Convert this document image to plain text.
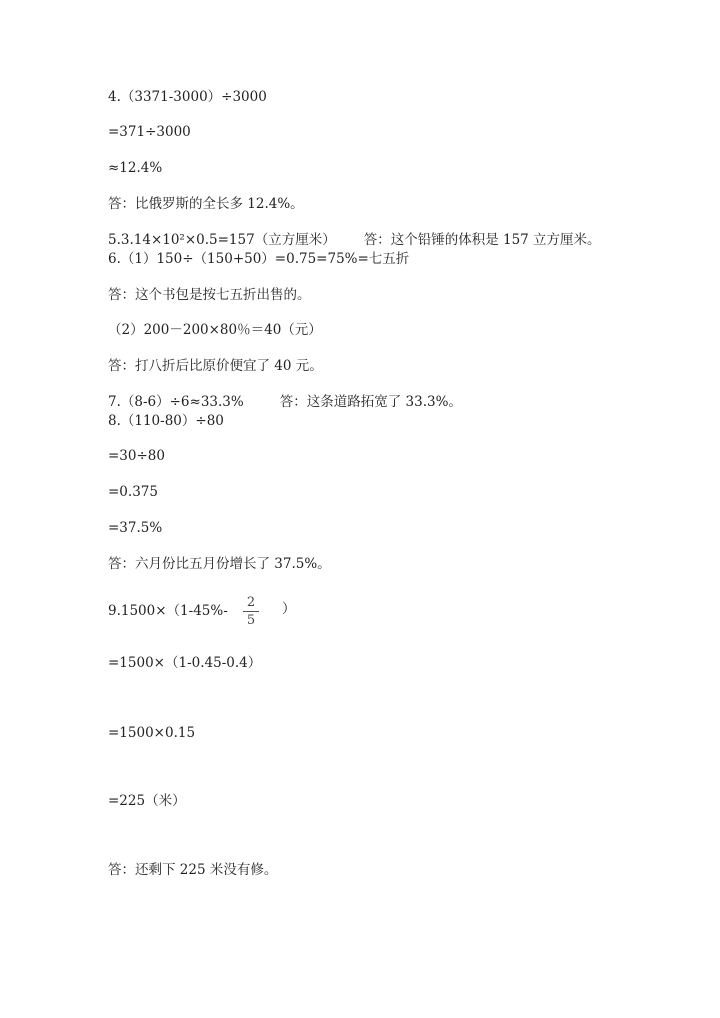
4.（3371-3000）÷3000
=371÷3000
≈12.4%
答：比俄罗斯的全长多 12.4%。
5.3.14×10²×0.5=157（立方厘米） 答：这个铅锤的体积是 157 立方厘米。
6.（1）150÷（150+50）=0.75=75%=七五折
答：这个书包是按七五折出售的。
（2）200－200×80％＝40（元）
答：打八折后比原价便宜了 40 元。
7.（8-6）÷6≈33.3%	答：这条道路拓宽了 33.3%。
8.（110-80）÷80
=30÷80
=0.375
=37.5%
答：六月份比五月份增长了 37.5%。
9.1500×（1-45%-
2
5
）
=1500×（1-0.45-0.4）
=1500×0.15
=225（米）
答：还剩下 225 米没有修。
